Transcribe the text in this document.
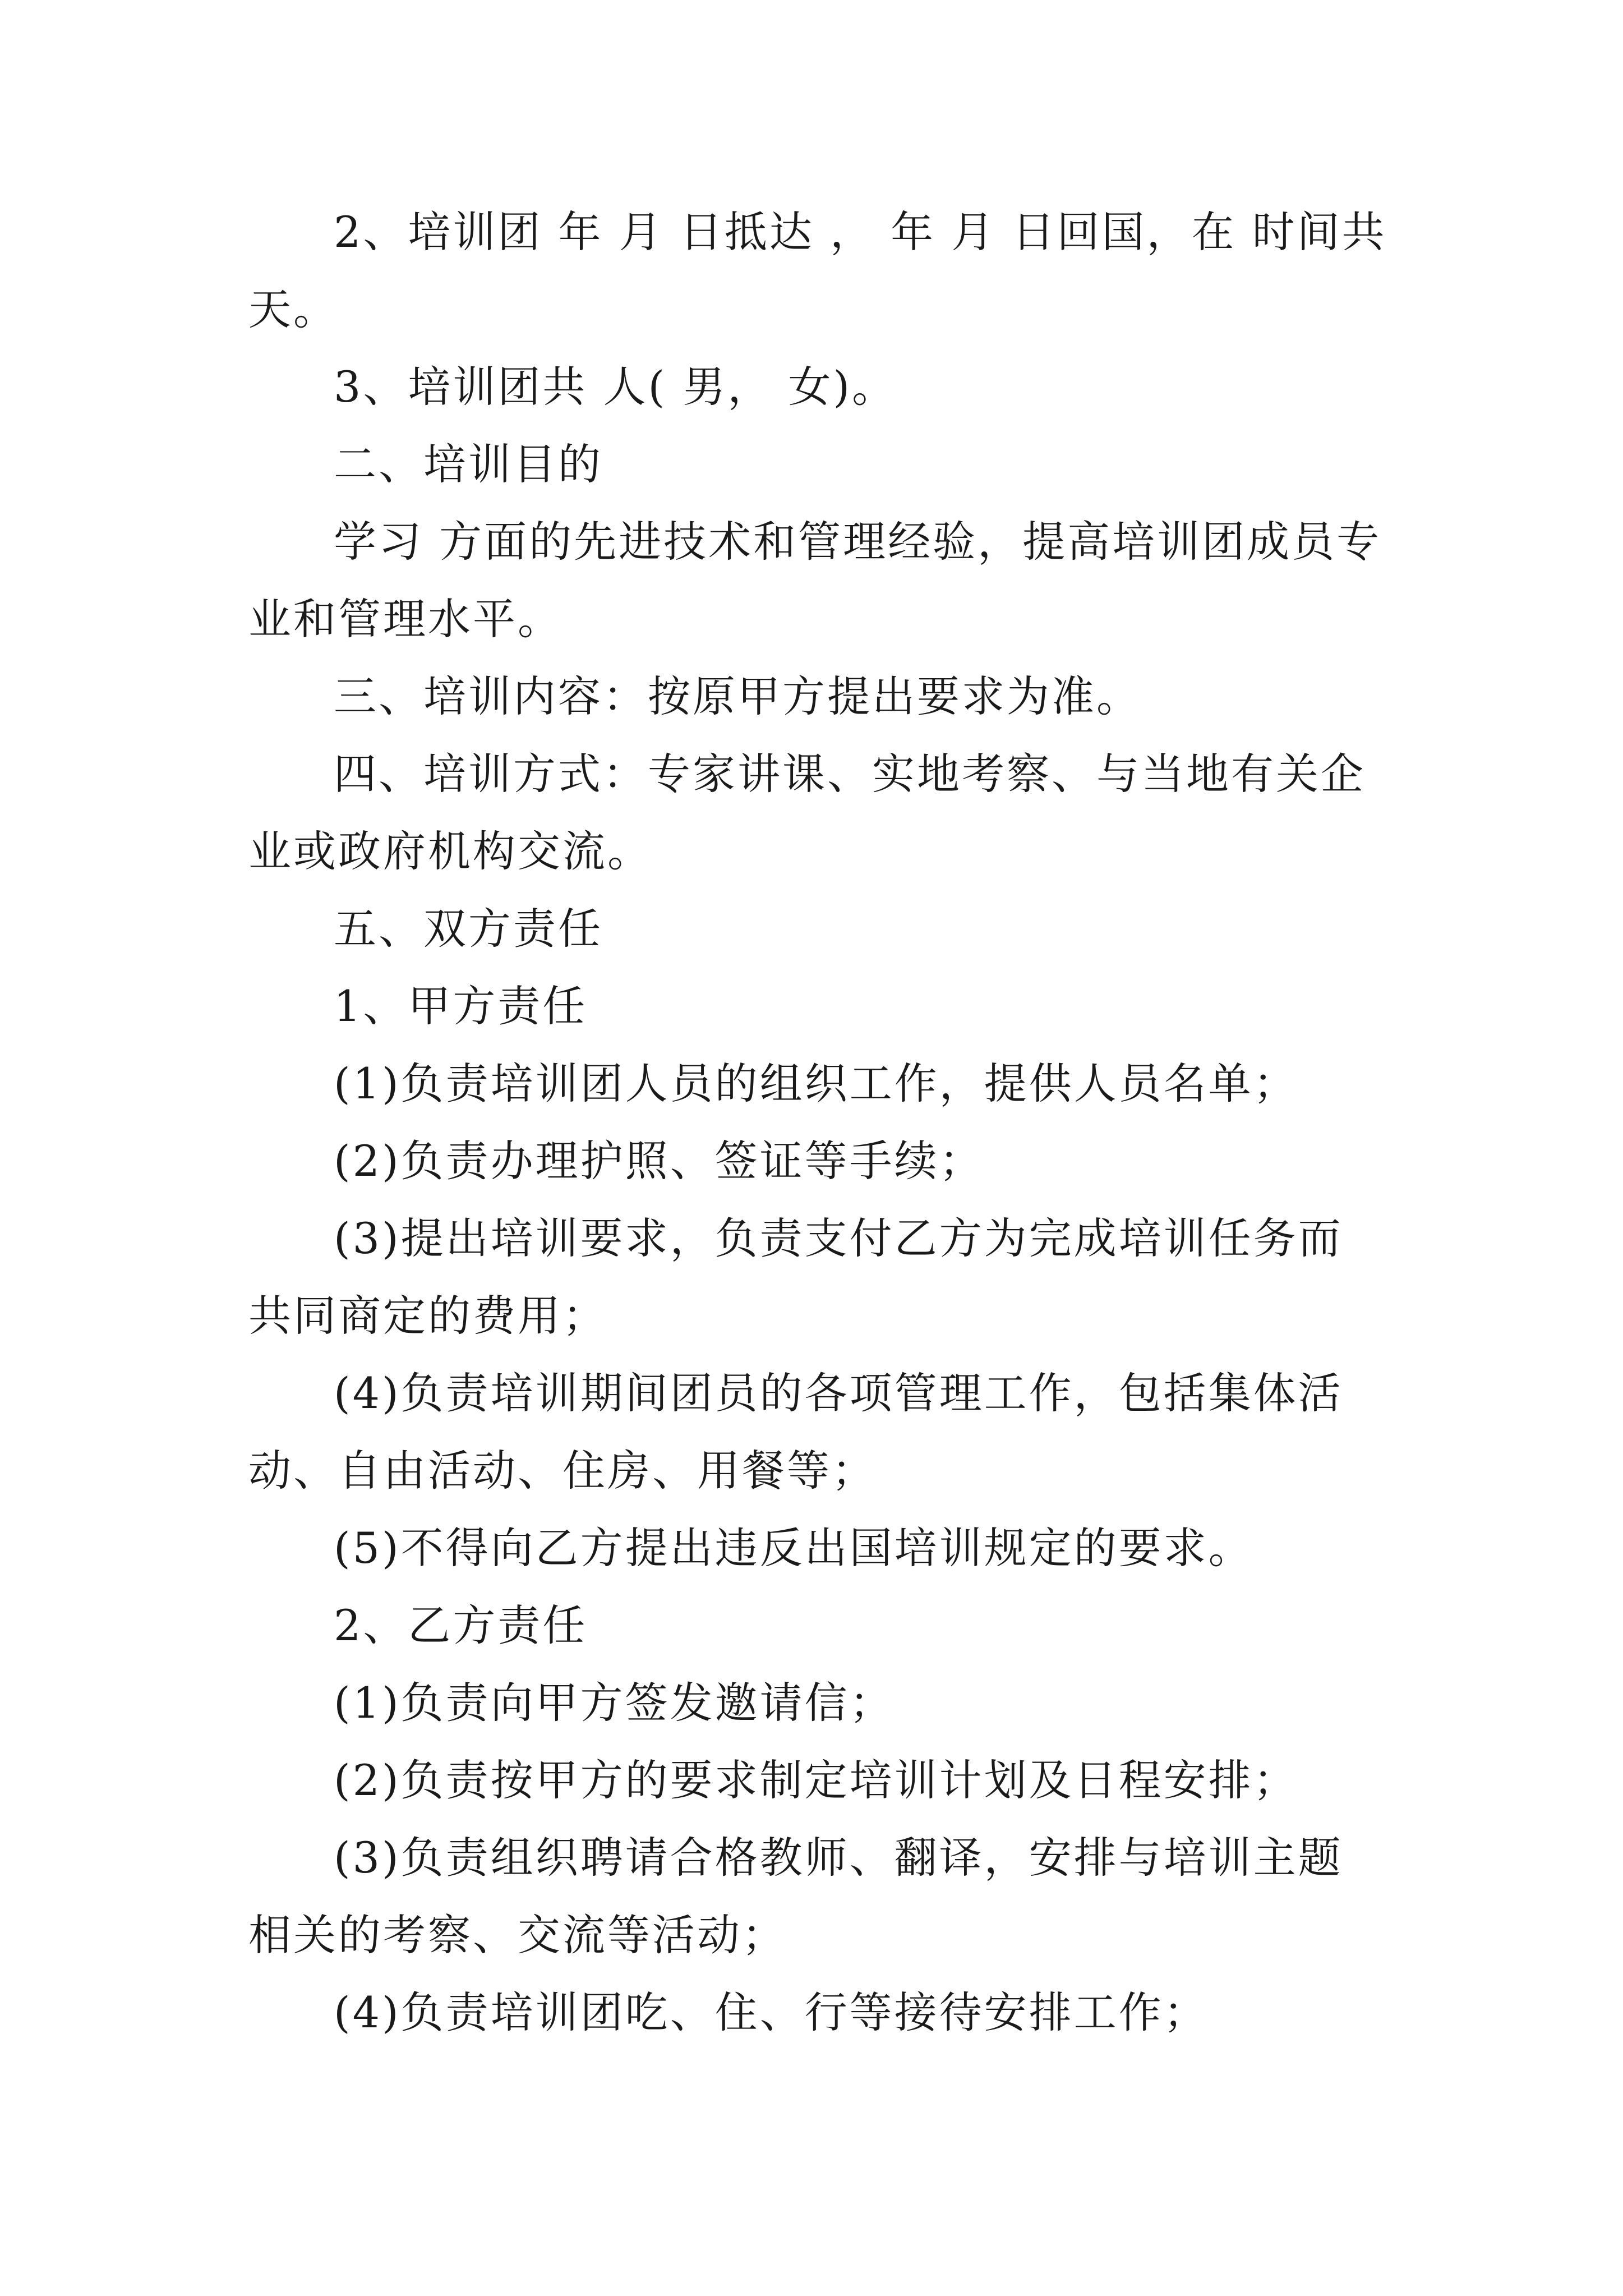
2、培训团 年 月 日抵达 ， 年 月 日回国，在 时间共 天。

3、培训团共 人( 男， 女)。

二、培训目的

学习 方面的先进技术和管理经验，提高培训团成员专业和管理水平。

三、培训内容：按原甲方提出要求为准。

四、培训方式：专家讲课、实地考察、与当地有关企业或政府机构交流。

五、双方责任

1、甲方责任

(1)负责培训团人员的组织工作，提供人员名单；

(2)负责办理护照、签证等手续；

(3)提出培训要求，负责支付乙方为完成培训任务而共同商定的费用；

(4)负责培训期间团员的各项管理工作，包括集体活动、自由活动、住房、用餐等；

(5)不得向乙方提出违反出国培训规定的要求。

2、乙方责任

(1)负责向甲方签发邀请信；

(2)负责按甲方的要求制定培训计划及日程安排；

(3)负责组织聘请合格教师、翻译，安排与培训主题相关的考察、交流等活动；

(4)负责培训团吃、住、行等接待安排工作；
